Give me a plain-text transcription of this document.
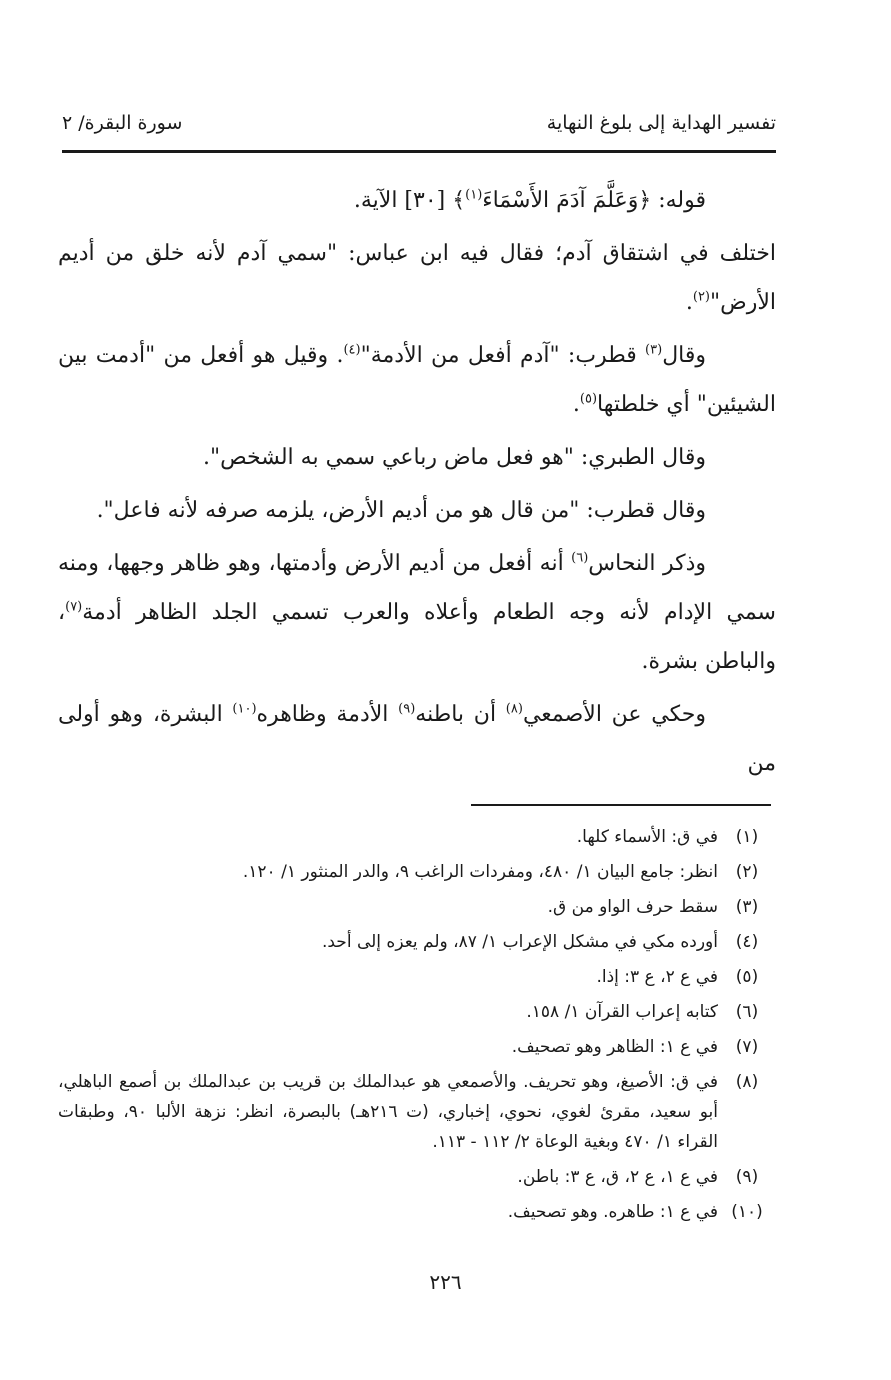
تفسير الهداية إلى بلوغ النهاية
سورة البقرة/ ٢

قوله: ﴿وَعَلَّمَ آدَمَ الأَسْمَاءَ$^{(١)}$﴾ [٣٠] الآية.

اختلف في اشتقاق آدم؛ فقال فيه ابن عباس: "سمي آدم لأنه خلق من أديم الأرض"$^{(٢)}$.

وقال$^{(٣)}$ قطرب: "آدم أفعل من الأدمة"$^{(٤)}$. وقيل هو أفعل من "أدمت بين الشيئين" أي خلطتها$^{(٥)}$.

وقال الطبري: "هو فعل ماض رباعي سمي به الشخص".

وقال قطرب: "من قال هو من أديم الأرض، يلزمه صرفه لأنه فاعل".

وذكر النحاس$^{(٦)}$ أنه أفعل من أديم الأرض وأدمتها، وهو ظاهر وجهها، ومنه سمي الإدام لأنه وجه الطعام وأعلاه والعرب تسمي الجلد الظاهر أدمة$^{(٧)}$، والباطن بشرة.

وحكي عن الأصمعي$^{(٨)}$ أن باطنه$^{(٩)}$ الأدمة وظاهره$^{(١٠)}$ البشرة، وهو أولى من

(١)
في ق: الأسماء كلها.
(٢)
انظر: جامع البيان ١/ ٤٨٠، ومفردات الراغب ٩، والدر المنثور ١/ ١٢٠.
(٣)
سقط حرف الواو من ق.
(٤)
أورده مكي في مشكل الإعراب ١/ ٨٧، ولم يعزه إلى أحد.
(٥)
في ع ٢، ع ٣: إذا.
(٦)
كتابه إعراب القرآن ١/ ١٥٨.
(٧)
في ع ١: الظاهر وهو تصحيف.
(٨)
في ق: الأصيغ، وهو تحريف. والأصمعي هو عبدالملك بن قريب بن عبدالملك بن أصمع الباهلي، أبو سعيد، مقرئ لغوي، نحوي، إخباري، (ت ٢١٦هـ) بالبصرة، انظر: نزهة الألبا ٩٠، وطبقات القراء ١/ ٤٧٠ وبغية الوعاة ٢/ ١١٢ - ١١٣.
(٩)
في ع ١، ع ٢، ق، ع ٣: باطن.
(١٠)
في ع ١: طاهره. وهو تصحيف.
٢٢٦
